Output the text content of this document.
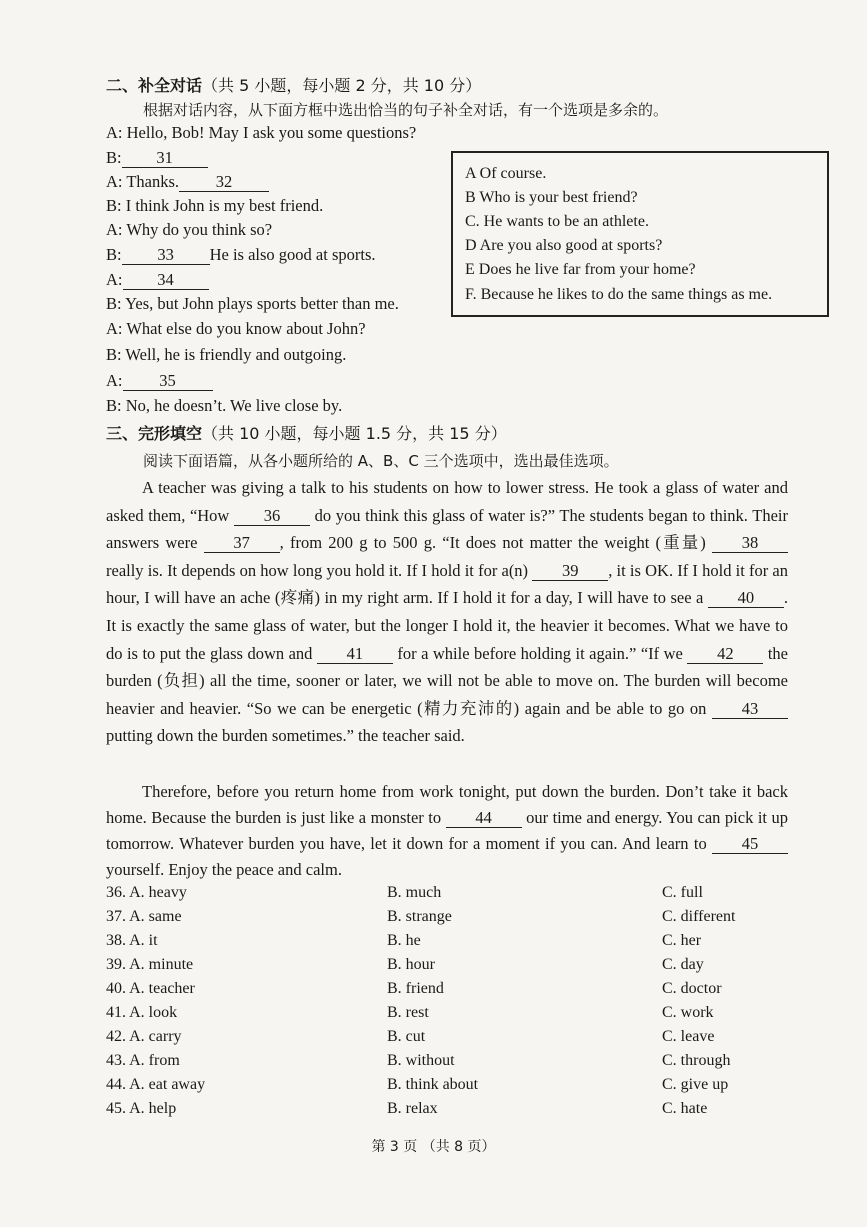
二、补全对话（共 5 小题，每小题 2 分，共 10 分）
根据对话内容，从下面方框中选出恰当的句子补全对话，有一个选项是多余的。
A: Hello, Bob! May I ask you some questions?
B: 31
A: Thanks. 32
B: I think John is my best friend.
A: Why do you think so?
B: 33 He is also good at sports.
A: 34
B: Yes, but John plays sports better than me.
A: What else do you know about John?
B: Well, he is friendly and outgoing.
A: 35
B: No, he doesn’t. We live close by.
A Of course.
B Who is your best friend?
C. He wants to be an athlete.
D Are you also good at sports?
E Does he live far from your home?
F. Because he likes to do the same things as me.
三、完形填空（共 10 小题，每小题 1.5 分，共 15 分）
阅读下面语篇，从各小题所给的 A、B、C 三个选项中，选出最佳选项。
A teacher was giving a talk to his students on how to lower stress. He took a glass of water and asked them, “How 36 do you think this glass of water is?” The students began to think. Their answers were 37 , from 200 g to 500 g. “It does not matter the weight (重量) 38 really is. It depends on how long you hold it. If I hold it for a(n) 39 , it is OK. If I hold it for an hour, I will have an ache (疼痛) in my right arm. If I hold it for a day, I will have to see a 40 . It is exactly the same glass of water, but the longer I hold it, the heavier it becomes. What we have to do is to put the glass down and 41 for a while before holding it again.” “If we 42 the burden (负担) all the time, sooner or later, we will not be able to move on. The burden will become heavier and heavier. “So we can be energetic (精力充沛的) again and be able to go on 43 putting down the burden sometimes.” the teacher said.
Therefore, before you return home from work tonight, put down the burden. Don’t take it back home. Because the burden is just like a monster to 44 our time and energy. You can pick it up tomorrow. Whatever burden you have, let it down for a moment if you can. And learn to 45 yourself. Enjoy the peace and calm.
36. A. heavy	B. much	C. full
37. A. same	B. strange	C. different
38. A. it	B. he	C. her
39. A. minute	B. hour	C. day
40. A. teacher	B. friend	C. doctor
41. A. look	B. rest	C. work
42. A. carry	B. cut	C. leave
43. A. from	B. without	C. through
44. A. eat away	B. think about	C. give up
45. A. help	B. relax	C. hate
第 3 页 （共 8 页）
